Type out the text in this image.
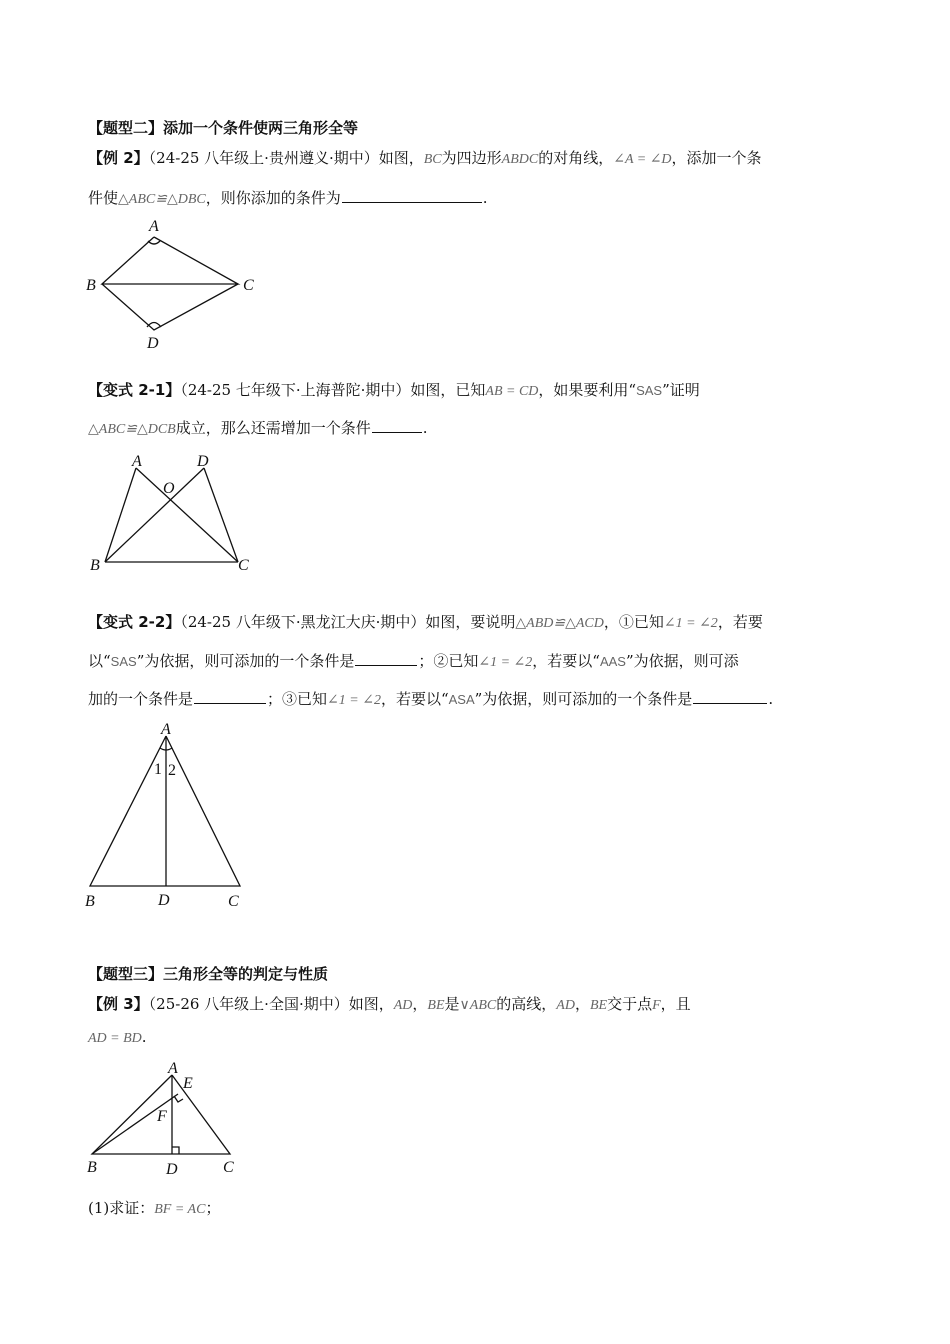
【题型二】添加一个条件使两三角形全等
【例 2】（24-25 八年级上·贵州遵义·期中）如图，BC为四边形ABDC的对角线，∠A = ∠D，添加一个条
件使△ABC≌△DBC，则你添加的条件为	.
A
B	C
D
【变式 2-1】（24-25 七年级下·上海普陀·期中）如图，已知AB = CD，如果要利用“SAS”证明
△ABC≌△DCB成立，那么还需增加一个条件	.
A	D
O
B	C
【变式 2-2】（24-25 八年级下·黑龙江大庆·期中）如图，要说明△ABD≌△ACD，①已知∠1 = ∠2，若要
以“SAS”为依据，则可添加的一个条件是	；②已知∠1 = ∠2，若要以“AAS”为依据，则可添
加的一个条件是	；③已知∠1 = ∠2，若要以“ASA”为依据，则可添加的一个条件是	.
A
1 2
B	D	C
【题型三】三角形全等的判定与性质
【例 3】（25-26 八年级上·全国·期中）如图，AD，BE是∨ABC的高线，AD，BE交于点F，且
AD = BD.
A
E
F
B	D	C
(1)求证：BF = AC；
